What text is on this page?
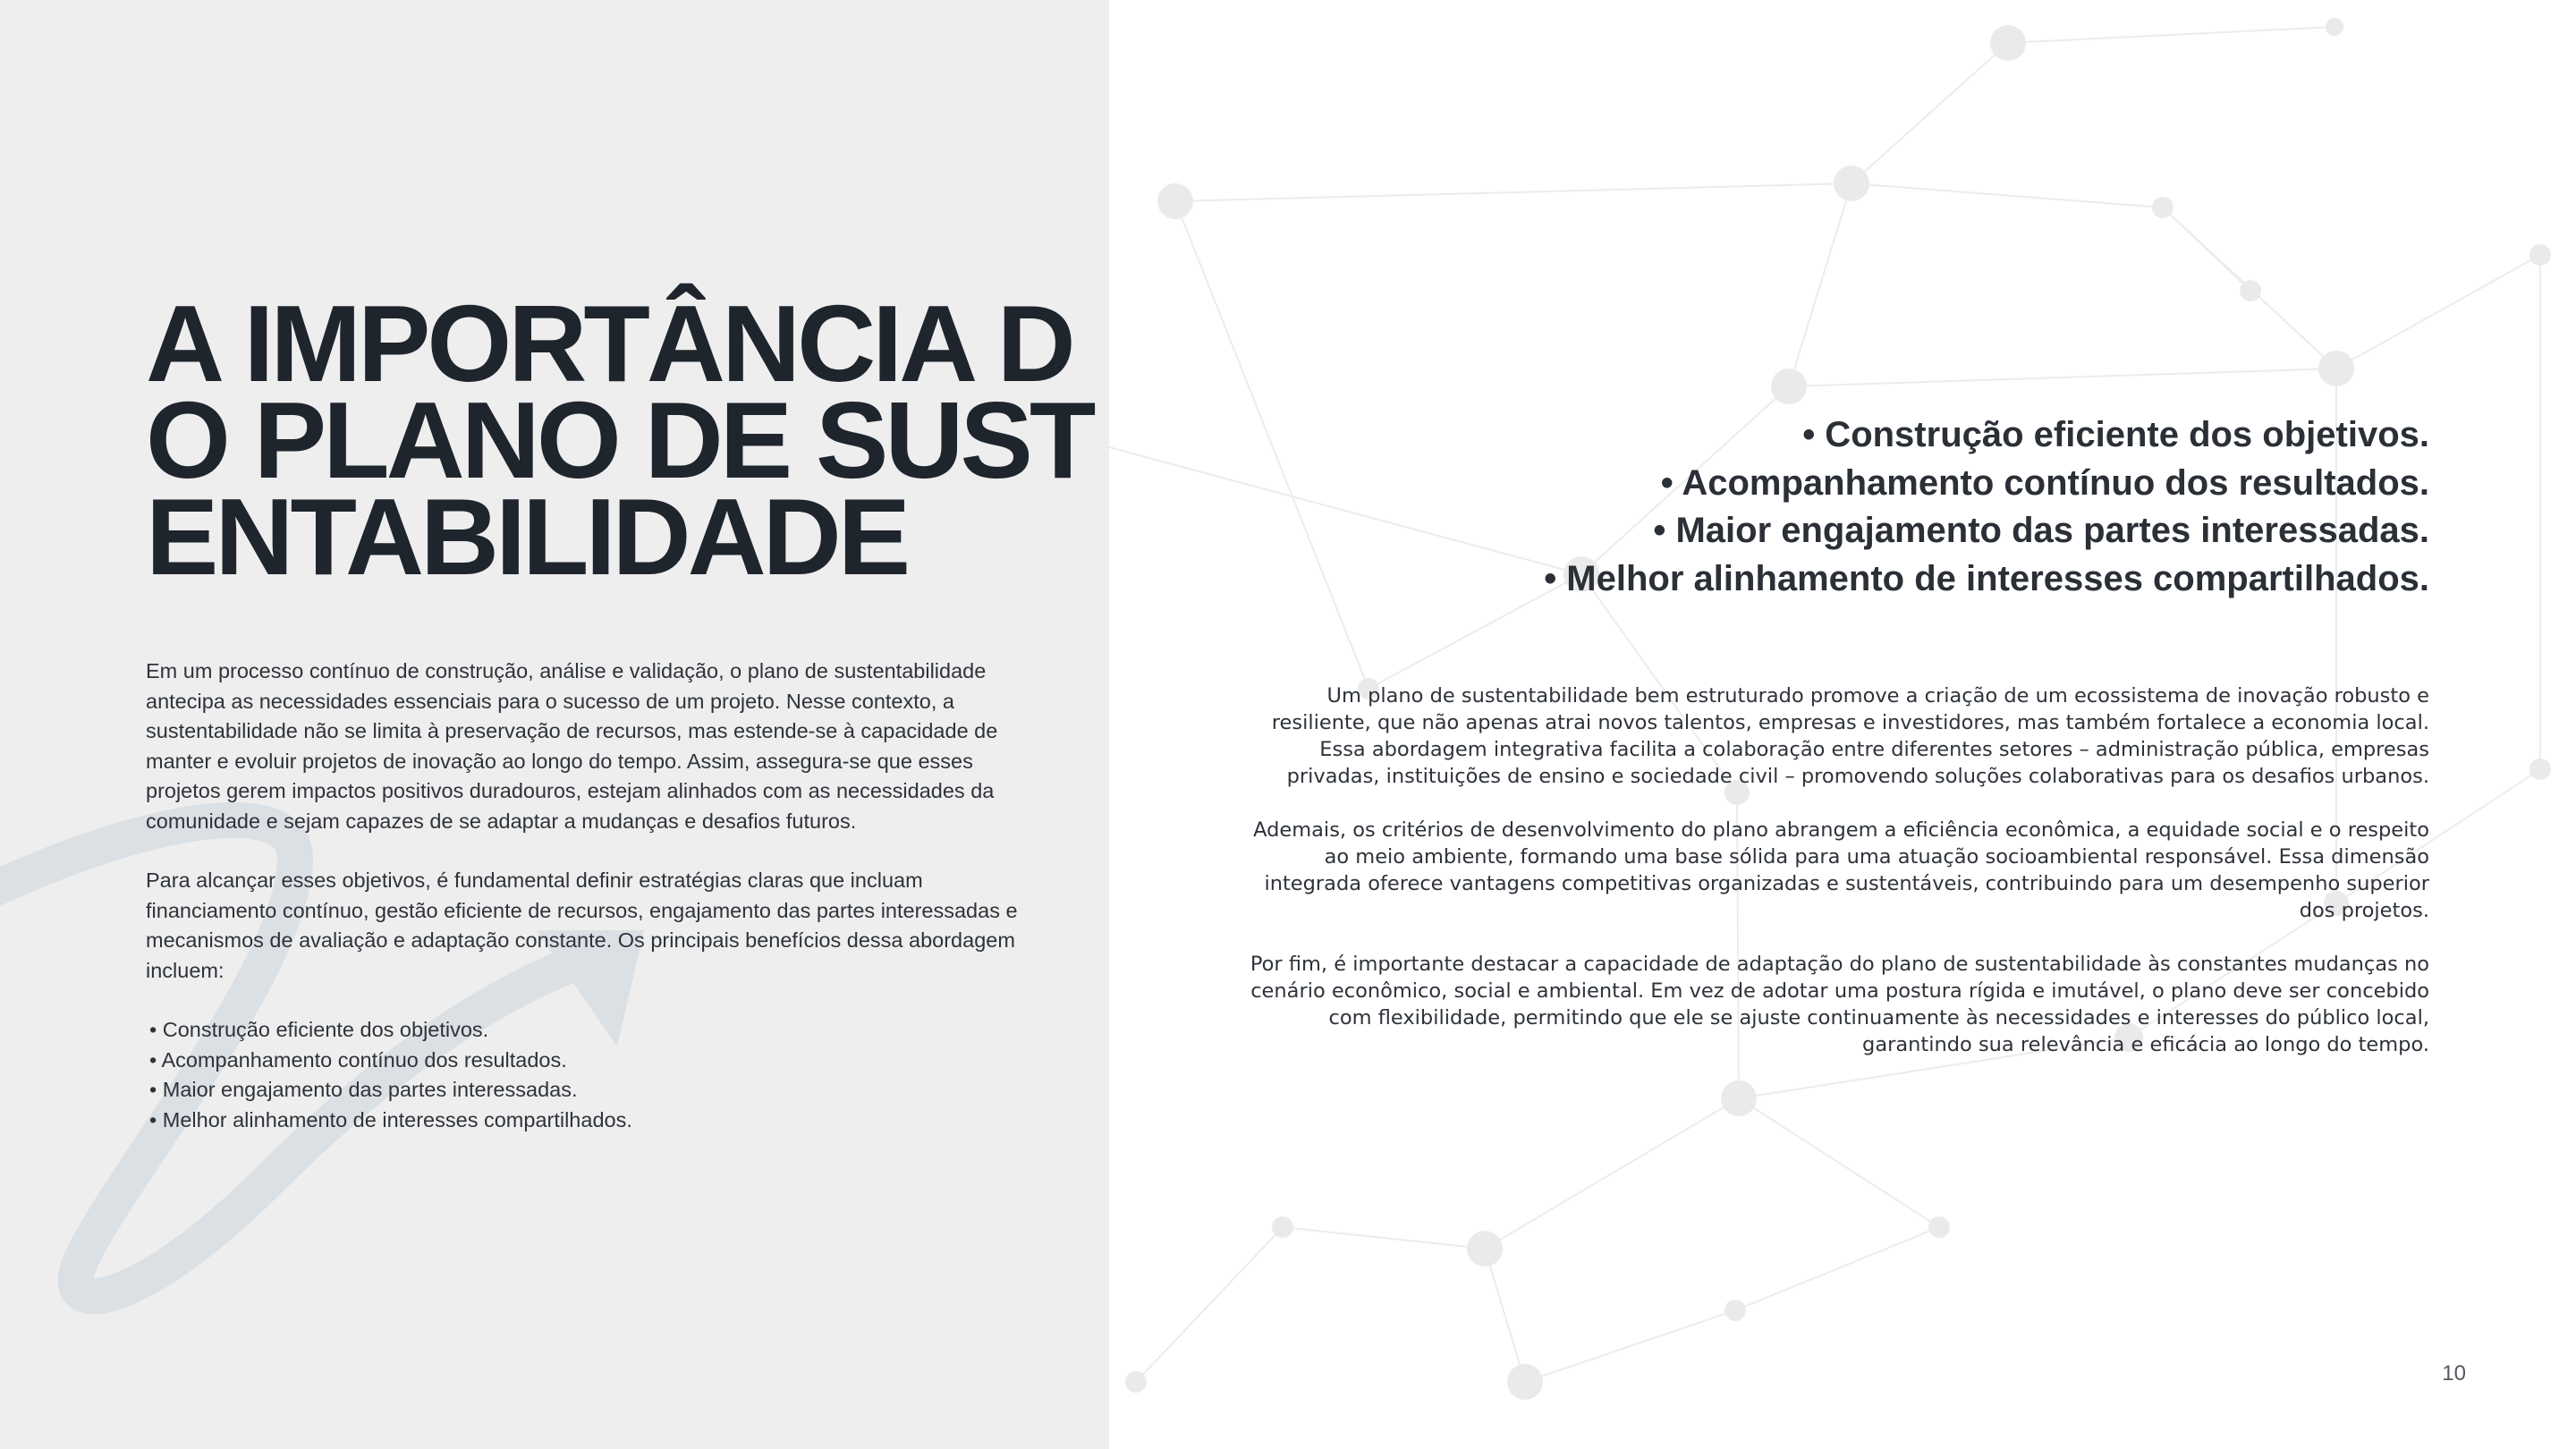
A IMPORTÂNCIA DO PLANO DE SUSTENTABILIDADE

Em um processo contínuo de construção, análise e validação, o plano de sustentabilidade antecipa as necessidades essenciais para o sucesso de um projeto. Nesse contexto, a sustentabilidade não se limita à preservação de recursos, mas estende-se à capacidade de manter e evoluir projetos de inovação ao longo do tempo. Assim, assegura-se que esses projetos gerem impactos positivos duradouros, estejam alinhados com as necessidades da comunidade e sejam capazes de se adaptar a mudanças e desafios futuros.

Para alcançar esses objetivos, é fundamental definir estratégias claras que incluam financiamento contínuo, gestão eficiente de recursos, engajamento das partes interessadas e mecanismos de avaliação e adaptação constante. Os principais benefícios dessa abordagem incluem:

• Construção eficiente dos objetivos.
• Acompanhamento contínuo dos resultados.
• Maior engajamento das partes interessadas.
• Melhor alinhamento de interesses compartilhados.
• Construção eficiente dos objetivos.
• Acompanhamento contínuo dos resultados.
• Maior engajamento das partes interessadas.
• Melhor alinhamento de interesses compartilhados.

Um plano de sustentabilidade bem estruturado promove a criação de um ecossistema de inovação robusto e resiliente, que não apenas atrai novos talentos, empresas e investidores, mas também fortalece a economia local. Essa abordagem integrativa facilita a colaboração entre diferentes setores – administração pública, empresas privadas, instituições de ensino e sociedade civil – promovendo soluções colaborativas para os desafios urbanos.

Ademais, os critérios de desenvolvimento do plano abrangem a eficiência econômica, a equidade social e o respeito ao meio ambiente, formando uma base sólida para uma atuação socioambiental responsável. Essa dimensão integrada oferece vantagens competitivas organizadas e sustentáveis, contribuindo para um desempenho superior dos projetos.

Por fim, é importante destacar a capacidade de adaptação do plano de sustentabilidade às constantes mudanças no cenário econômico, social e ambiental. Em vez de adotar uma postura rígida e imutável, o plano deve ser concebido com flexibilidade, permitindo que ele se ajuste continuamente às necessidades e interesses do público local, garantindo sua relevância e eficácia ao longo do tempo.

10
